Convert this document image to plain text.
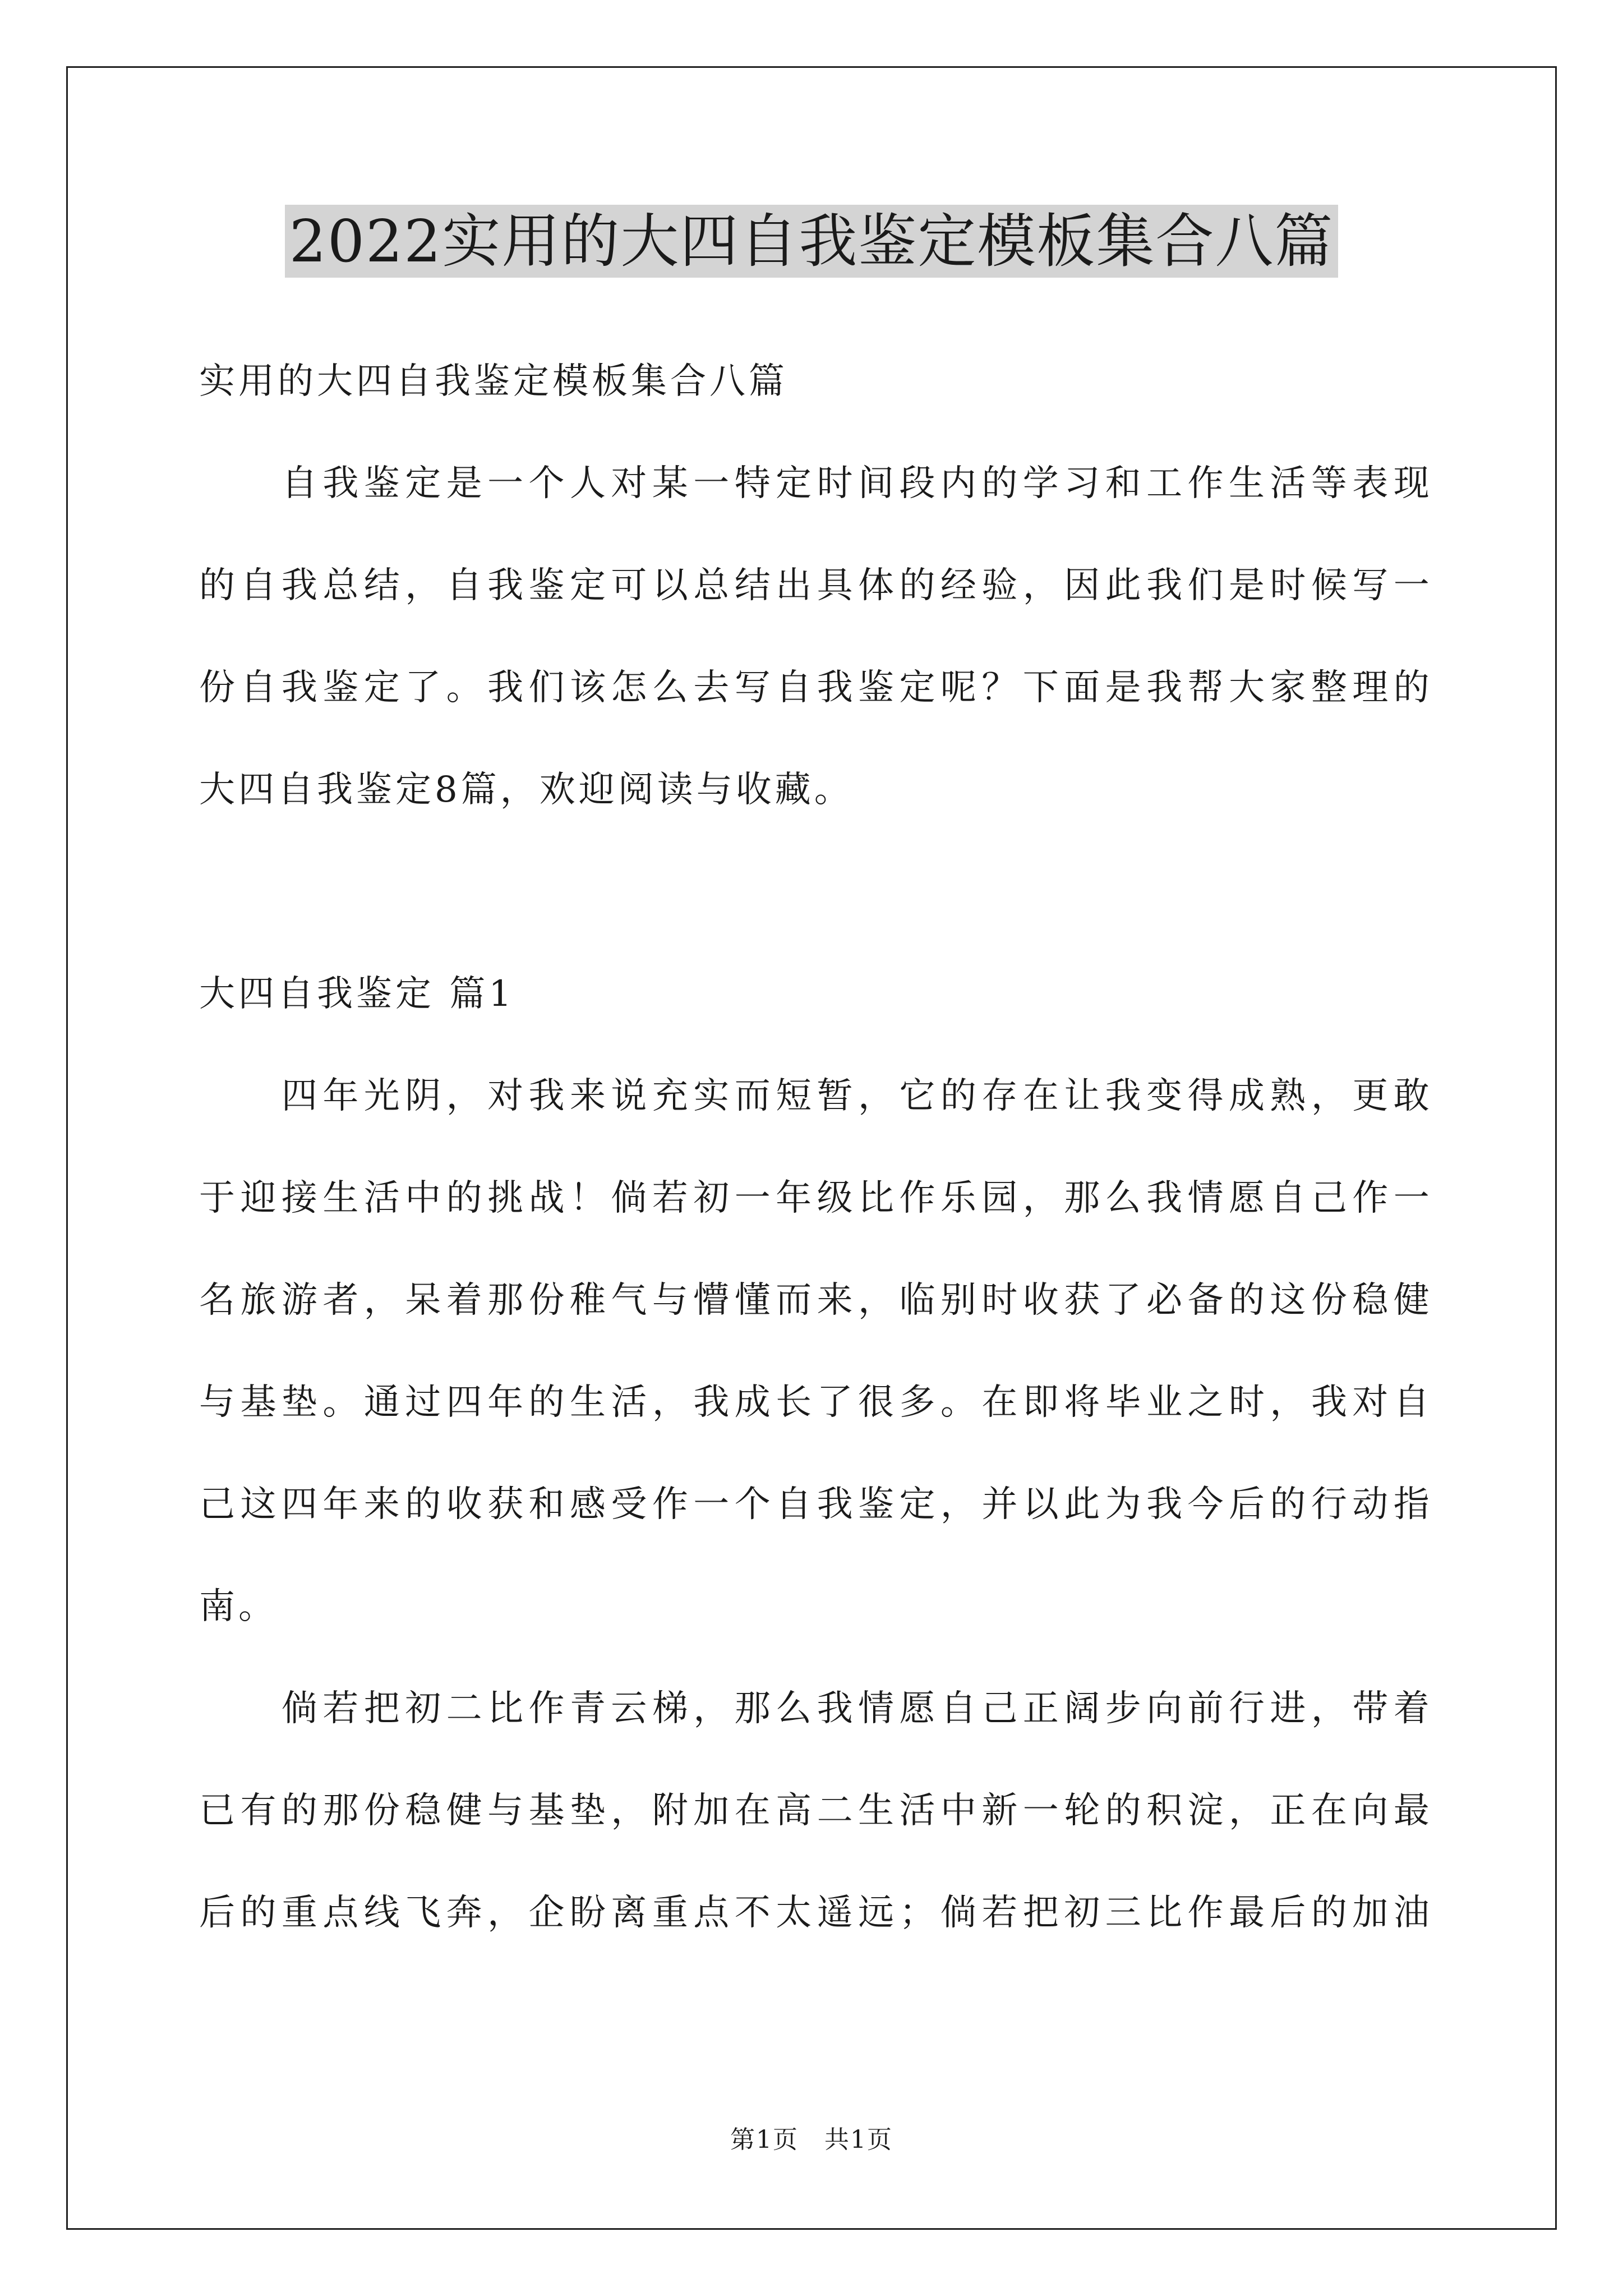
2022实用的大四自我鉴定模板集合八篇
实用的大四自我鉴定模板集合八篇

自 我 鉴 定 是 一 个 人 对 某 一 特 定 时 间 段 内 的 学 习 和 工 作 生 活 等 表 现
的 自 我 总 结 ， 自 我 鉴 定 可 以 总 结 出 具 体 的 经 验 ， 因 此 我 们 是 时 候 写 一
份 自 我 鉴 定 了 。 我 们 该 怎 么 去 写 自 我 鉴 定 呢 ？ 下 面 是 我 帮 大 家 整 理 的
大四自我鉴定8篇，欢迎阅读与收藏。
大四自我鉴定 篇1

四 年 光 阴 ， 对 我 来 说 充 实 而 短 暂 ， 它 的 存 在 让 我 变 得 成 熟 ， 更 敢
于 迎 接 生 活 中 的 挑 战 ！ 倘 若 初 一 年 级 比 作 乐 园 ， 那 么 我 情 愿 自 己 作 一
名 旅 游 者 ， 呆 着 那 份 稚 气 与 懵 懂 而 来 ， 临 别 时 收 获 了 必 备 的 这 份 稳 健
与 基 垫 。 通 过 四 年 的 生 活 ， 我 成 长 了 很 多 。 在 即 将 毕 业 之 时 ， 我 对 自
己 这 四 年 来 的 收 获 和 感 受 作 一 个 自 我 鉴 定 ， 并 以 此 为 我 今 后 的 行 动 指
南。

倘 若 把 初 二 比 作 青 云 梯 ， 那 么 我 情 愿 自 己 正 阔 步 向 前 行 进 ， 带 着
已 有 的 那 份 稳 健 与 基 垫 ， 附 加 在 高 二 生 活 中 新 一 轮 的 积 淀 ， 正 在 向 最
后 的 重 点 线 飞 奔 ， 企 盼 离 重 点 不 太 遥 远 ； 倘 若 把 初 三 比 作 最 后 的 加 油
第1页　共1页
